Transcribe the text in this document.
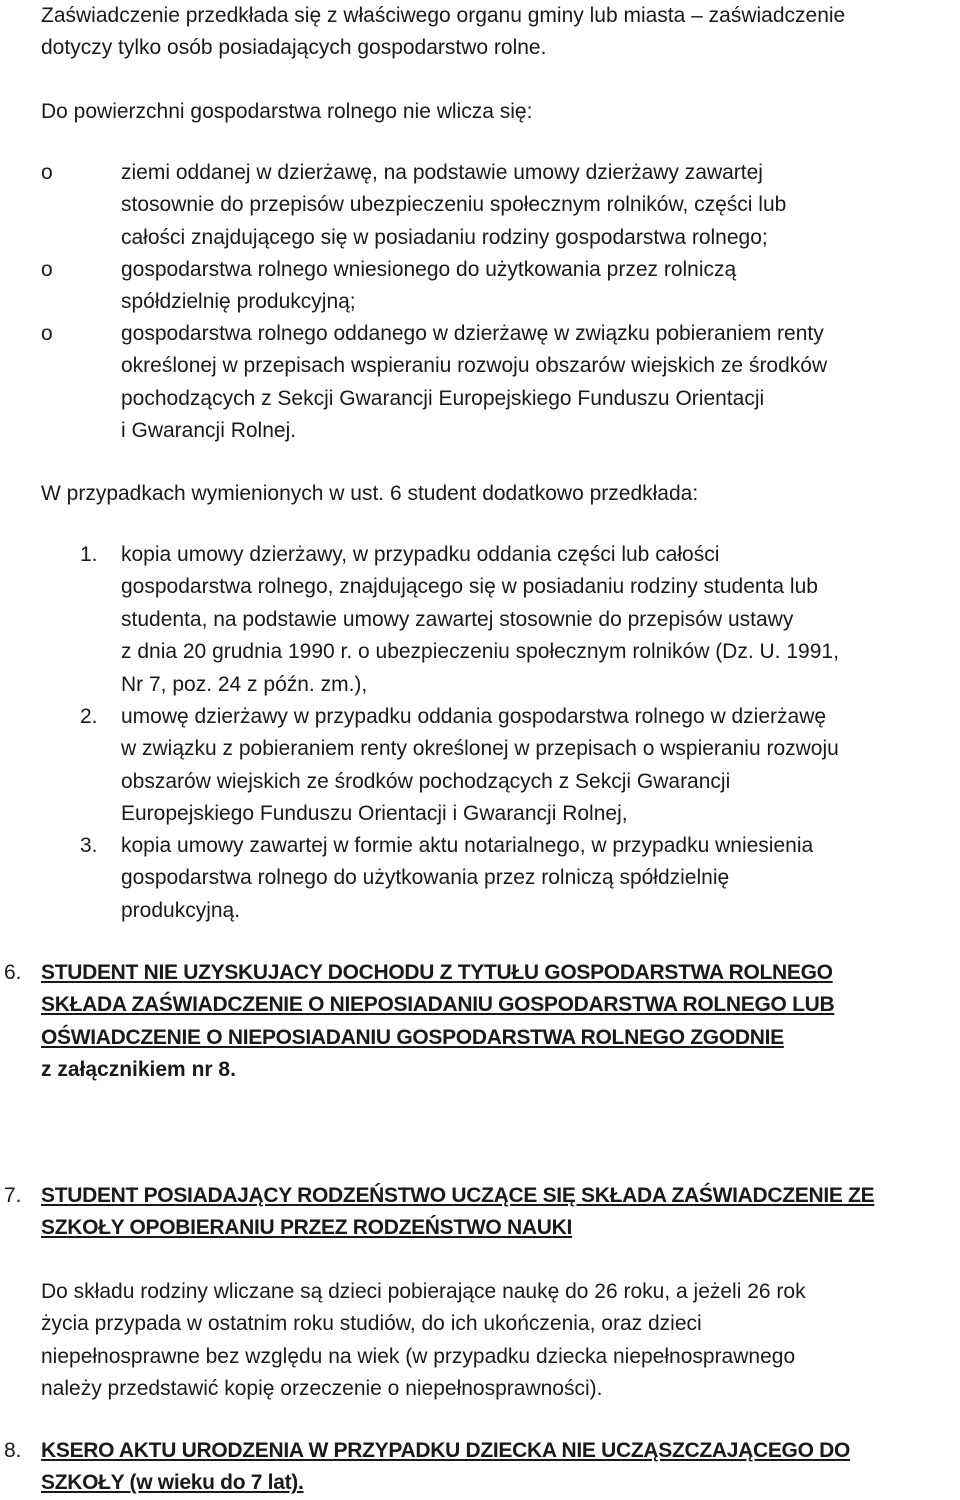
Zaświadczenie przedkłada się z właściwego organu gminy lub miasta – zaświadczenie
dotyczy tylko osób posiadających gospodarstwo rolne.
Do powierzchni gospodarstwa rolnego nie wlicza się:
o	ziemi oddanej w dzierżawę, na podstawie umowy dzierżawy zawartej
stosownie do przepisów ubezpieczeniu społecznym rolników, części lub
całości znajdującego się w posiadaniu rodziny gospodarstwa rolnego;
o	gospodarstwa rolnego wniesionego do użytkowania przez rolniczą
spółdzielnię produkcyjną;
o	gospodarstwa rolnego oddanego w dzierżawę w związku pobieraniem renty
określonej w przepisach wspieraniu rozwoju obszarów wiejskich ze środków
pochodzących z Sekcji Gwarancji Europejskiego Funduszu Orientacji
i Gwarancji Rolnej.
W przypadkach wymienionych w ust. 6 student dodatkowo przedkłada:
1. kopia umowy dzierżawy, w przypadku oddania części lub całości
gospodarstwa rolnego, znajdującego się w posiadaniu rodziny studenta lub
studenta, na podstawie umowy zawartej stosownie do przepisów ustawy
z dnia 20 grudnia 1990 r. o ubezpieczeniu społecznym rolników (Dz. U. 1991,
Nr 7, poz. 24 z późn. zm.),
2. umowę dzierżawy w przypadku oddania gospodarstwa rolnego w dzierżawę
w związku z pobieraniem renty określonej w przepisach o wspieraniu rozwoju
obszarów wiejskich ze środków pochodzących z Sekcji Gwarancji
Europejskiego Funduszu Orientacji i Gwarancji Rolnej,
3. kopia umowy zawartej w formie aktu notarialnego, w przypadku wniesienia
gospodarstwa rolnego do użytkowania przez rolniczą spółdzielnię
produkcyjną.
6. STUDENT NIE UZYSKUJACY DOCHODU Z TYTUŁU GOSPODARSTWA ROLNEGO
SKŁADA ZAŚWIADCZENIE O NIEPOSIADANIU GOSPODARSTWA ROLNEGO LUB
OŚWIADCZENIE O NIEPOSIADANIU GOSPODARSTWA ROLNEGO ZGODNIE
z załącznikiem nr 8.
7. STUDENT POSIADAJĄCY RODZEŃSTWO UCZĄCE SIĘ SKŁADA ZAŚWIADCZENIE ZE
SZKOŁY OPOBIERANIU PRZEZ RODZEŃSTWO NAUKI
Do składu rodziny wliczane są dzieci pobierające naukę do 26 roku, a jeżeli 26 rok
życia przypada w ostatnim roku studiów, do ich ukończenia, oraz dzieci
niepełnosprawne bez względu na wiek (w przypadku dziecka niepełnosprawnego
należy przedstawić kopię orzeczenie o niepełnosprawności).
8. KSERO AKTU URODZENIA W PRZYPADKU DZIECKA NIE UCZĄSZCZAJĄCEGO DO
SZKOŁY (w wieku do 7 lat).
